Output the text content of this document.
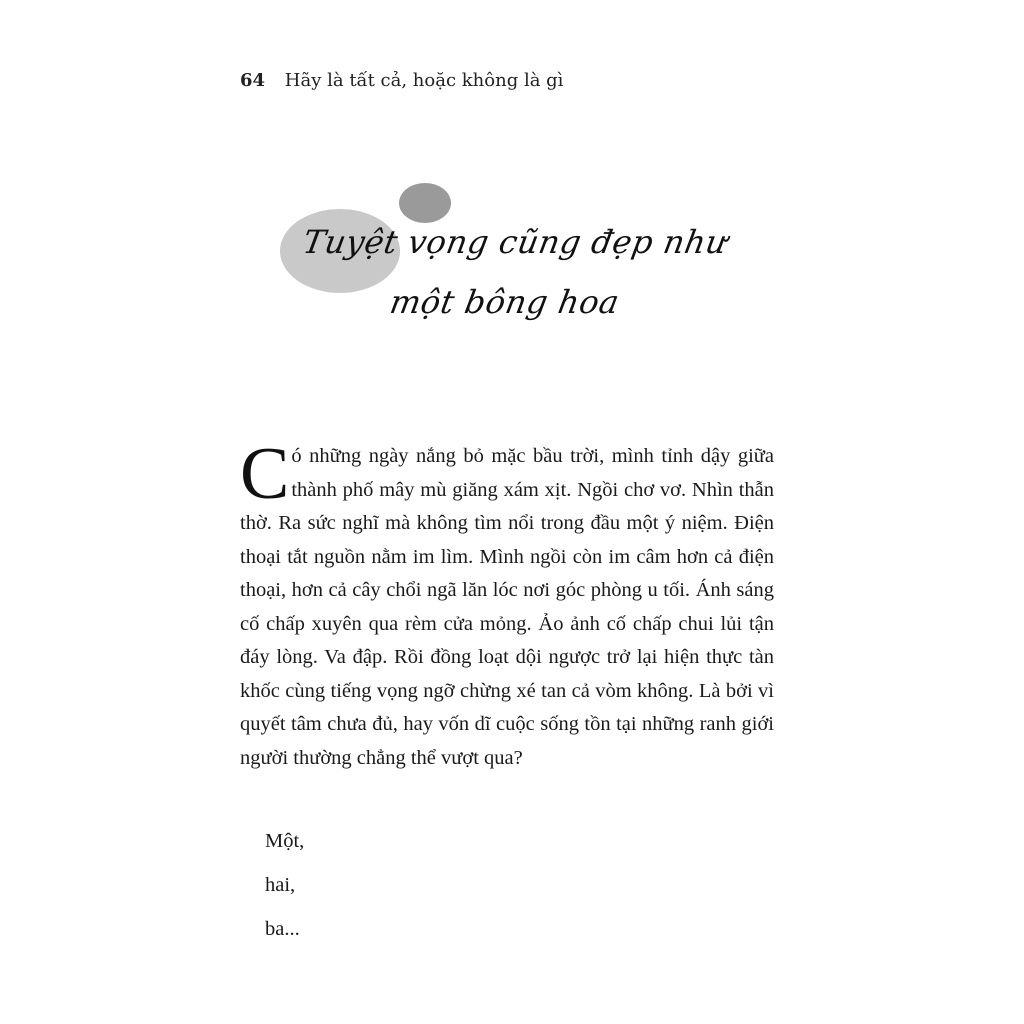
64 Hãy là tất cả, hoặc không là gì
Tuyệt vọng cũng đẹp như
một bông hoa
C ó những ngày nắng bỏ mặc bầu trời, mình tỉnh dậy giữa thành phố mây mù giăng xám xịt. Ngồi chơ vơ. Nhìn thẫn thờ. Ra sức nghĩ mà không tìm nổi trong đầu một ý niệm. Điện thoại tắt nguồn nằm im lìm. Mình ngồi còn im câm hơn cả điện thoại, hơn cả cây chổi ngã lăn lóc nơi góc phòng u tối. Ánh sáng cố chấp xuyên qua rèm cửa mỏng. Ảo ảnh cố chấp chui lủi tận đáy lòng. Va đập. Rồi đồng loạt dội ngược trở lại hiện thực tàn khốc cùng tiếng vọng ngỡ chừng xé tan cả vòm không. Là bởi vì quyết tâm chưa đủ, hay vốn dĩ cuộc sống tồn tại những ranh giới người thường chẳng thể vượt qua?
Một,
hai,
ba...
